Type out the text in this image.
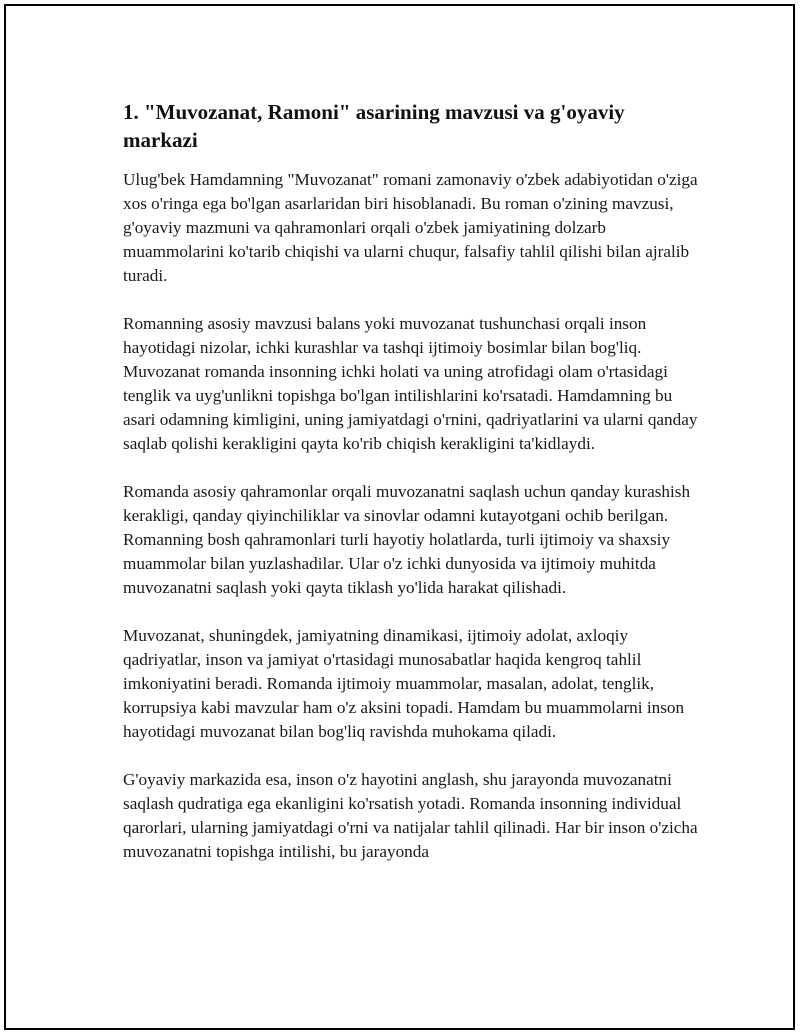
1. "Muvozanat, Ramoni" asarining mavzusi va g'oyaviy markazi

Ulug'bek Hamdamning "Muvozanat" romani zamonaviy o'zbek adabiyotidan o'ziga xos o'ringa ega bo'lgan asarlaridan biri hisoblanadi. Bu roman o'zining mavzusi, g'oyaviy mazmuni va qahramonlari orqali o'zbek jamiyatining dolzarb muammolarini ko'tarib chiqishi va ularni chuqur, falsafiy tahlil qilishi bilan ajralib turadi.

Romanning asosiy mavzusi balans yoki muvozanat tushunchasi orqali inson hayotidagi nizolar, ichki kurashlar va tashqi ijtimoiy bosimlar bilan bog'liq. Muvozanat romanda insonning ichki holati va uning atrofidagi olam o'rtasidagi tenglik va uyg'unlikni topishga bo'lgan intilishlarini ko'rsatadi. Hamdamning bu asari odamning kimligini, uning jamiyatdagi o'rnini, qadriyatlarini va ularni qanday saqlab qolishi kerakligini qayta ko'rib chiqish kerakligini ta'kidlaydi.

Romanda asosiy qahramonlar orqali muvozanatni saqlash uchun qanday kurashish kerakligi, qanday qiyinchiliklar va sinovlar odamni kutayotgani ochib berilgan. Romanning bosh qahramonlari turli hayotiy holatlarda, turli ijtimoiy va shaxsiy muammolar bilan yuzlashadilar. Ular o'z ichki dunyosida va ijtimoiy muhitda muvozanatni saqlash yoki qayta tiklash yo'lida harakat qilishadi.

Muvozanat, shuningdek, jamiyatning dinamikasi, ijtimoiy adolat, axloqiy qadriyatlar, inson va jamiyat o'rtasidagi munosabatlar haqida kengroq tahlil imkoniyatini beradi. Romanda ijtimoiy muammolar, masalan, adolat, tenglik, korrupsiya kabi mavzular ham o'z aksini topadi. Hamdam bu muammolarni inson hayotidagi muvozanat bilan bog'liq ravishda muhokama qiladi.

G'oyaviy markazida esa, inson o'z hayotini anglash, shu jarayonda muvozanatni saqlash qudratiga ega ekanligini ko'rsatish yotadi. Romanda insonning individual qarorlari, ularning jamiyatdagi o'rni va natijalar tahlil qilinadi. Har bir inson o'zicha muvozanatni topishga intilishi, bu jarayonda
